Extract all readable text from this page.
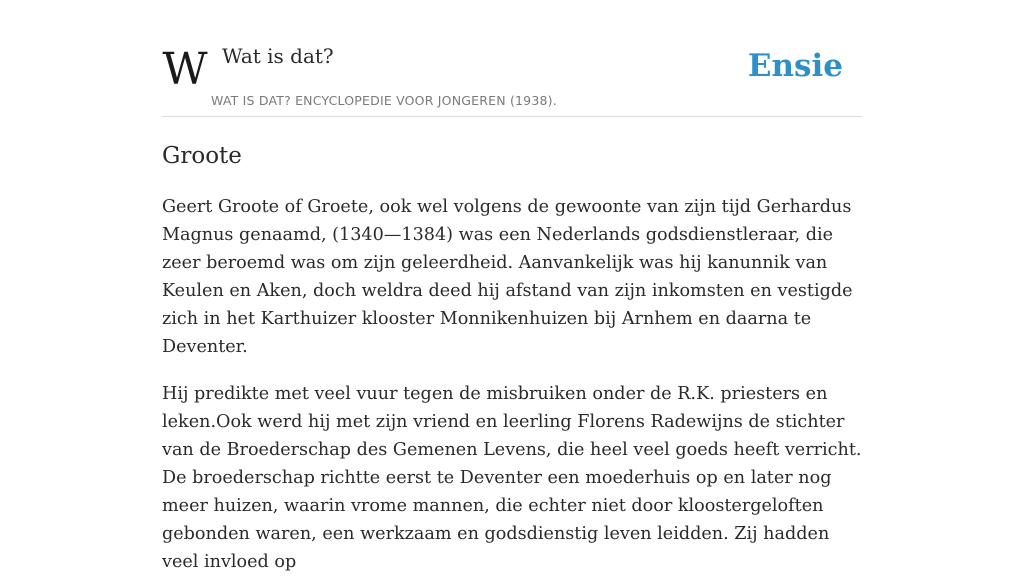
W Wat is dat?
WAT IS DAT? ENCYCLOPEDIE VOOR JONGEREN (1938).
Ensie
Groote

Geert Groote of Groete, ook wel volgens de gewoonte van zijn tijd Gerhardus Magnus genaamd, (1340—1384) was een Nederlands godsdienstleraar, die zeer beroemd was om zijn geleerdheid. Aanvankelijk was hij kanunnik van Keulen en Aken, doch weldra deed hij afstand van zijn inkomsten en vestigde zich in het Karthuizer klooster Monnikenhuizen bij Arnhem en daarna te Deventer.

Hij predikte met veel vuur tegen de misbruiken onder de R.K. priesters en leken.Ook werd hij met zijn vriend en leerling Florens Radewijns de stichter van de Broederschap des Gemenen Levens, die heel veel goeds heeft verricht. De broederschap richtte eerst te Deventer een moederhuis op en later nog meer huizen, waarin vrome mannen, die echter niet door kloostergeloften gebonden waren, een werkzaam en godsdienstig leven leidden. Zij hadden veel invloed op
